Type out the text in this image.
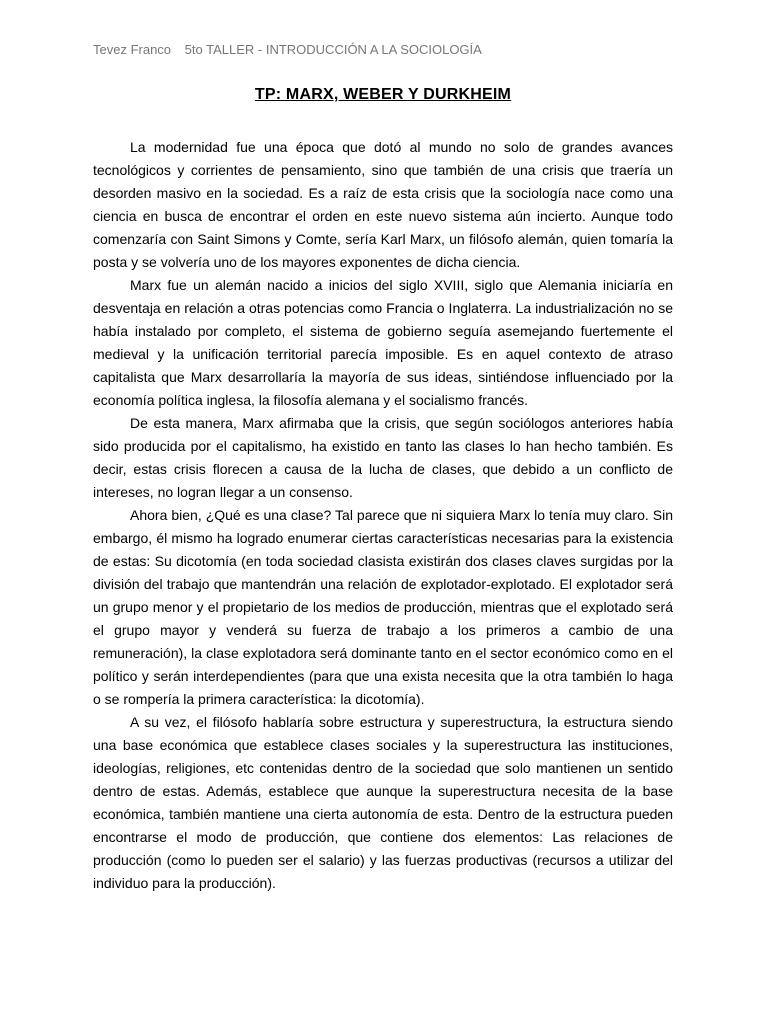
Tevez Franco 5to TALLER - INTRODUCCIÓN A LA SOCIOLOGÍA
TP: MARX, WEBER Y DURKHEIM

La modernidad fue una época que dotó al mundo no solo de grandes avances tecnológicos y corrientes de pensamiento, sino que también de una crisis que traería un desorden masivo en la sociedad. Es a raíz de esta crisis que la sociología nace como una ciencia en busca de encontrar el orden en este nuevo sistema aún incierto. Aunque todo comenzaría con Saint Simons y Comte, sería Karl Marx, un filósofo alemán, quien tomaría la posta y se volvería uno de los mayores exponentes de dicha ciencia.

Marx fue un alemán nacido a inicios del siglo XVIII, siglo que Alemania iniciaría en desventaja en relación a otras potencias como Francia o Inglaterra. La industrialización no se había instalado por completo, el sistema de gobierno seguía asemejando fuertemente el medieval y la unificación territorial parecía imposible. Es en aquel contexto de atraso capitalista que Marx desarrollaría la mayoría de sus ideas, sintiéndose influenciado por la economía política inglesa, la filosofía alemana y el socialismo francés.

De esta manera, Marx afirmaba que la crisis, que según sociólogos anteriores había sido producida por el capitalismo, ha existido en tanto las clases lo han hecho también. Es decir, estas crisis florecen a causa de la lucha de clases, que debido a un conflicto de intereses, no logran llegar a un consenso.

Ahora bien, ¿Qué es una clase? Tal parece que ni siquiera Marx lo tenía muy claro. Sin embargo, él mismo ha logrado enumerar ciertas características necesarias para la existencia de estas: Su dicotomía (en toda sociedad clasista existirán dos clases claves surgidas por la división del trabajo que mantendrán una relación de explotador-explotado. El explotador será un grupo menor y el propietario de los medios de producción, mientras que el explotado será el grupo mayor y venderá su fuerza de trabajo a los primeros a cambio de una remuneración), la clase explotadora será dominante tanto en el sector económico como en el político y serán interdependientes (para que una exista necesita que la otra también lo haga o se rompería la primera característica: la dicotomía).

A su vez, el filósofo hablaría sobre estructura y superestructura, la estructura siendo una base económica que establece clases sociales y la superestructura las instituciones, ideologías, religiones, etc contenidas dentro de la sociedad que solo mantienen un sentido dentro de estas. Además, establece que aunque la superestructura necesita de la base económica, también mantiene una cierta autonomía de esta. Dentro de la estructura pueden encontrarse el modo de producción, que contiene dos elementos: Las relaciones de producción (como lo pueden ser el salario) y las fuerzas productivas (recursos a utilizar del individuo para la producción).
